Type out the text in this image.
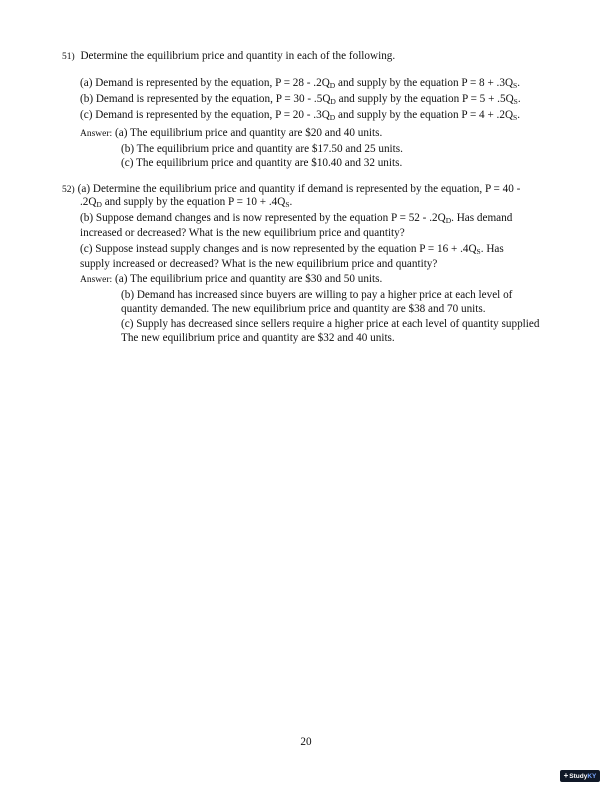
51) Determine the equilibrium price and quantity in each of the following.
(a) Demand is represented by the equation, $P = 28 - .2Q_D$ and supply by the equation $P = 8 + .3Q_S$.
(b) Demand is represented by the equation, $P = 30 - .5Q_D$ and supply by the equation $P = 5 + .5Q_S$.
(c) Demand is represented by the equation, $P = 20 - .3Q_D$ and supply by the equation $P = 4 + .2Q_S$.
Answer: (a) The equilibrium price and quantity are $20 and 40 units.
(b) The equilibrium price and quantity are $17.50 and 25 units.
(c) The equilibrium price and quantity are $10.40 and 32 units.
52) (a) Determine the equilibrium price and quantity if demand is represented by the equation, P = 40 -
$.2Q_D$ and supply by the equation $P = 10 + .4Q_S$.
(b) Suppose demand changes and is now represented by the equation $P = 52 - .2Q_D$. Has demand
increased or decreased? What is the new equilibrium price and quantity?
(c) Suppose instead supply changes and is now represented by the equation $P = 16 + .4Q_S$. Has
supply increased or decreased? What is the new equilibrium price and quantity?
Answer: (a) The equilibrium price and quantity are $30 and 50 units.
(b) Demand has increased since buyers are willing to pay a higher price at each level of
quantity demanded. The new equilibrium price and quantity are $38 and 70 units.
(c) Supply has decreased since sellers require a higher price at each level of quantity supplied
The new equilibrium price and quantity are $32 and 40 units.
20
+StudyKY
